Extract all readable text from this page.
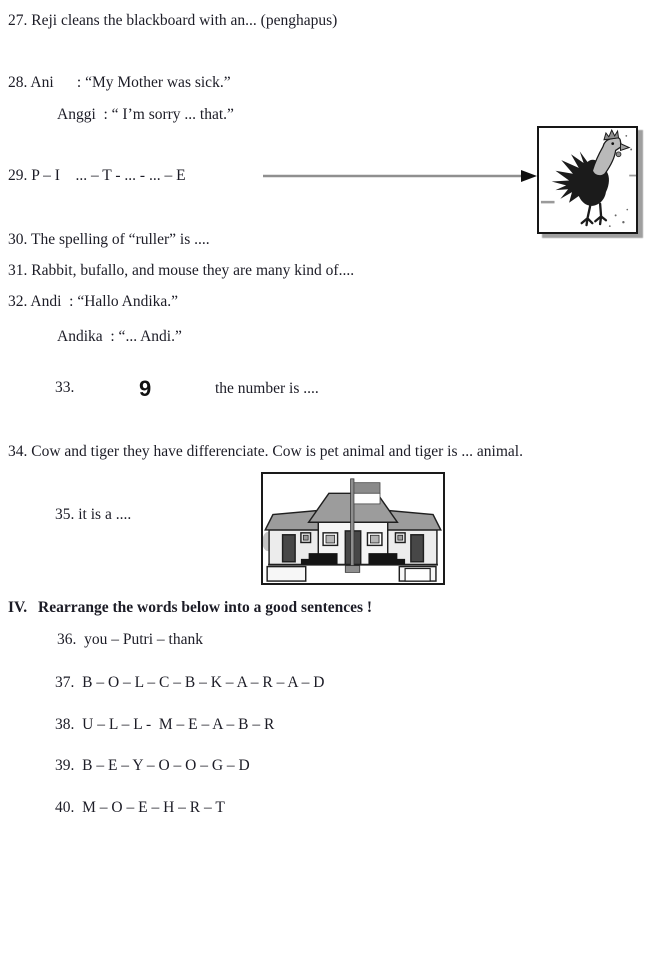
27. Reji cleans the blackboard with an... (penghapus)
28. Ani      : “My Mother was sick.”
Anggi  : “ I’m sorry ... that.”
29. P – I    ... – T - ... - ... – E
30. The spelling of “ruller” is ....
31. Rabbit, bufallo, and mouse they are many kind of....
32. Andi  : “Hallo Andika.”
Andika  : “... Andi.”
33.	9	the number is ....
34. Cow and tiger they have differenciate. Cow is pet animal and tiger is ... animal.
35. it is a ....
IV. Rearrange the words below into a good sentences !
36.  you – Putri – thank
37.  B – O – L – C – B – K – A – R – A – D
38.  U – L – L -  M – E – A – B – R
39.  B – E – Y – O – O – G – D
40.  M – O – E – H – R – T
